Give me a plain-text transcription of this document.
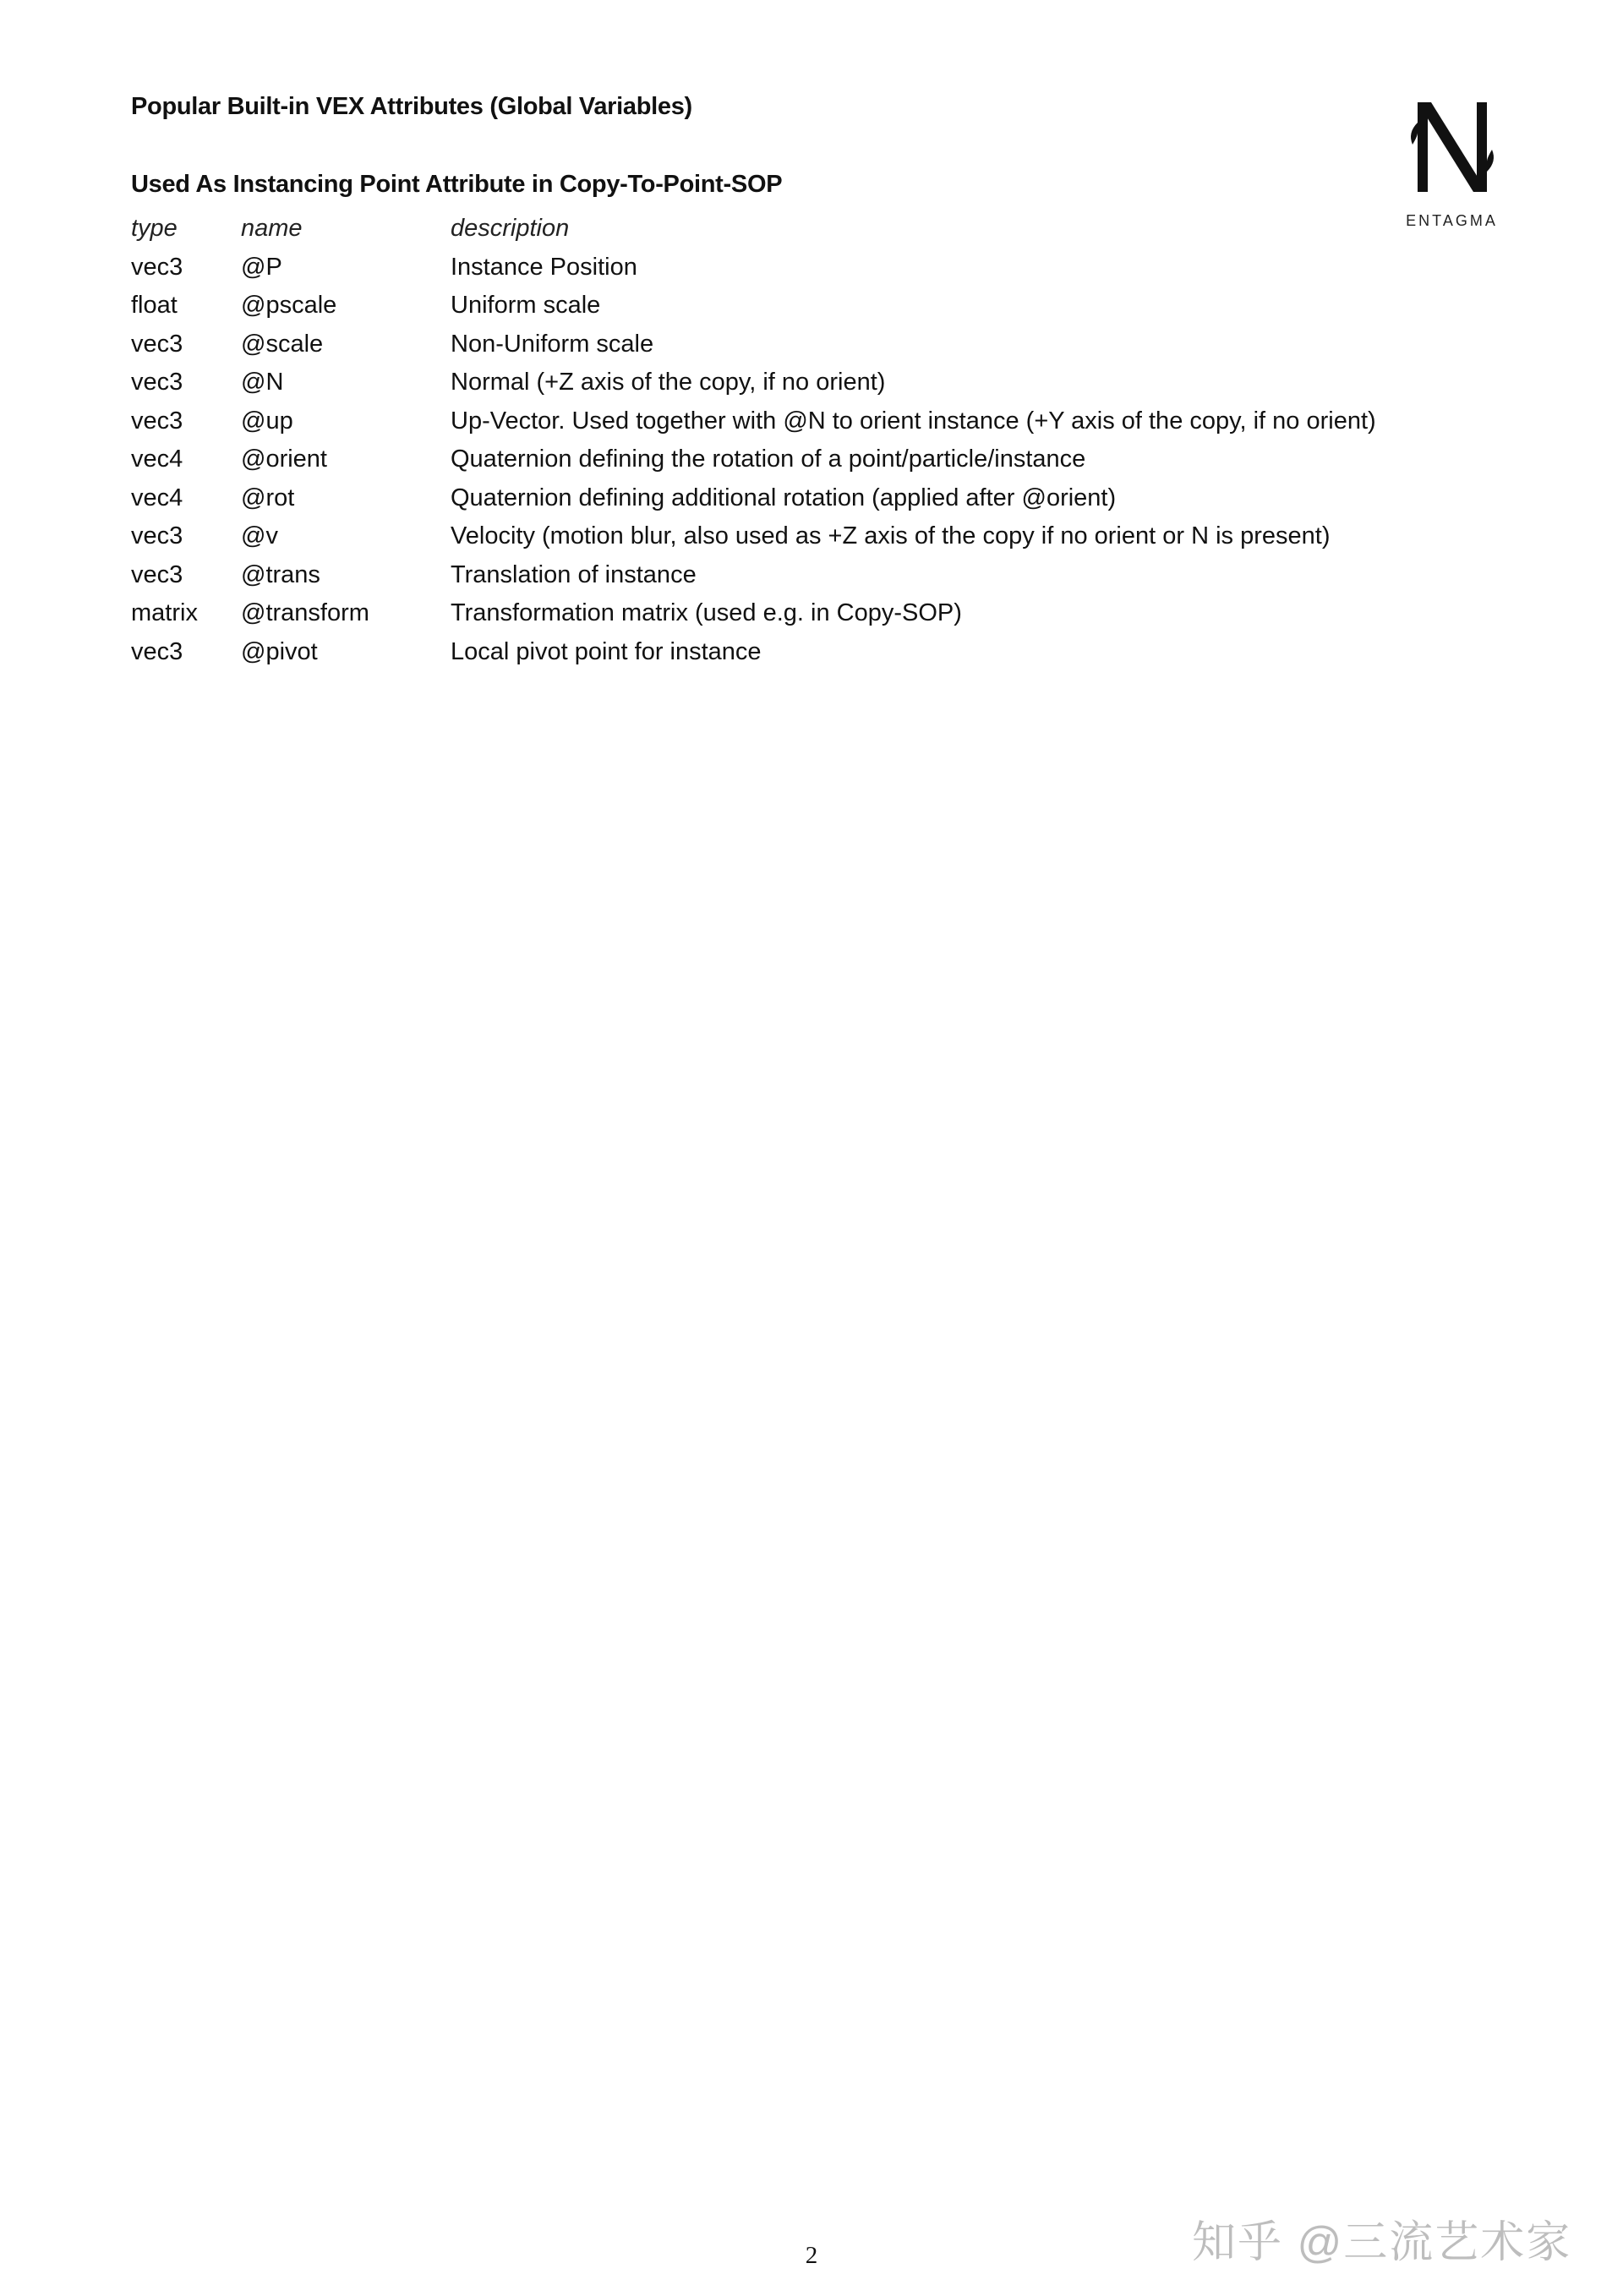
Popular Built-in VEX Attributes (Global Variables)
ENTAGMA
Used As Instancing Point Attribute in Copy-To-Point-SOP
type	name	description
vec3	@P	Instance Position
float	@pscale	Uniform scale
vec3	@scale	Non-Uniform scale
vec3	@N	Normal (+Z axis of the copy, if no orient)
vec3	@up	Up-Vector. Used together with @N to orient instance (+Y axis of the copy, if no orient)
vec4	@orient	Quaternion defining the rotation of a point/particle/instance
vec4	@rot	Quaternion defining additional rotation (applied after @orient)
vec3	@v	Velocity (motion blur, also used as +Z axis of the copy if no orient or N is present)
vec3	@trans	Translation of instance
matrix	@transform	Transformation matrix (used e.g. in Copy-SOP)
vec3	@pivot	Local pivot point for instance
知乎 @三流艺术家
2
